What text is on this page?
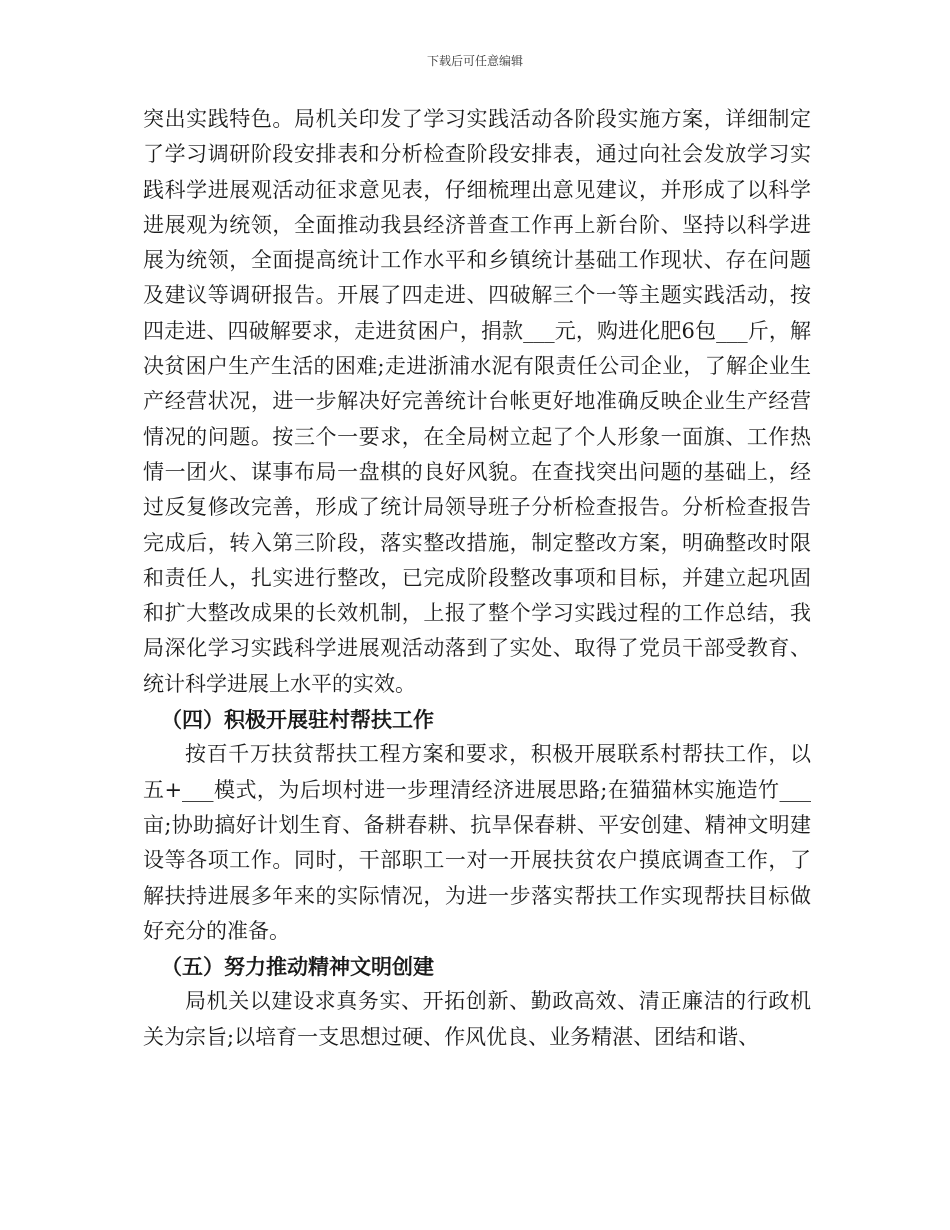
下载后可任意编辑

突出实践特色。局机关印发了学习实践活动各阶段实施方案，详细制定了学习调研阶段安排表和分析检查阶段安排表，通过向社会发放学习实践科学进展观活动征求意见表，仔细梳理出意见建议，并形成了以科学进展观为统领，全面推动我县经济普查工作再上新台阶、坚持以科学进展为统领，全面提高统计工作水平和乡镇统计基础工作现状、存在问题及建议等调研报告。开展了四走进、四破解三个一等主题实践活动，按四走进、四破解要求，走进贫困户，捐款___元，购进化肥6包___斤，解决贫困户生产生活的困难;走进浙浦水泥有限责任公司企业，了解企业生产经营状况，进一步解决好完善统计台帐更好地准确反映企业生产经营情况的问题。按三个一要求，在全局树立起了个人形象一面旗、工作热情一团火、谋事布局一盘棋的良好风貌。在查找突出问题的基础上，经过反复修改完善，形成了统计局领导班子分析检查报告。分析检查报告完成后，转入第三阶段，落实整改措施，制定整改方案，明确整改时限和责任人，扎实进行整改，已完成阶段整改事项和目标，并建立起巩固和扩大整改成果的长效机制，上报了整个学习实践过程的工作总结，我局深化学习实践科学进展观活动落到了实处、取得了党员干部受教育、统计科学进展上水平的实效。

（四）积极开展驻村帮扶工作

按百千万扶贫帮扶工程方案和要求，积极开展联系村帮扶工作，以五+___模式，为后坝村进一步理清经济进展思路;在猫猫林实施造竹___亩;协助搞好计划生育、备耕春耕、抗旱保春耕、平安创建、精神文明建设等各项工作。同时，干部职工一对一开展扶贫农户摸底调查工作，了解扶持进展多年来的实际情况，为进一步落实帮扶工作实现帮扶目标做好充分的准备。

（五）努力推动精神文明创建

局机关以建设求真务实、开拓创新、勤政高效、清正廉洁的行政机关为宗旨;以培育一支思想过硬、作风优良、业务精湛、团结和谐、
